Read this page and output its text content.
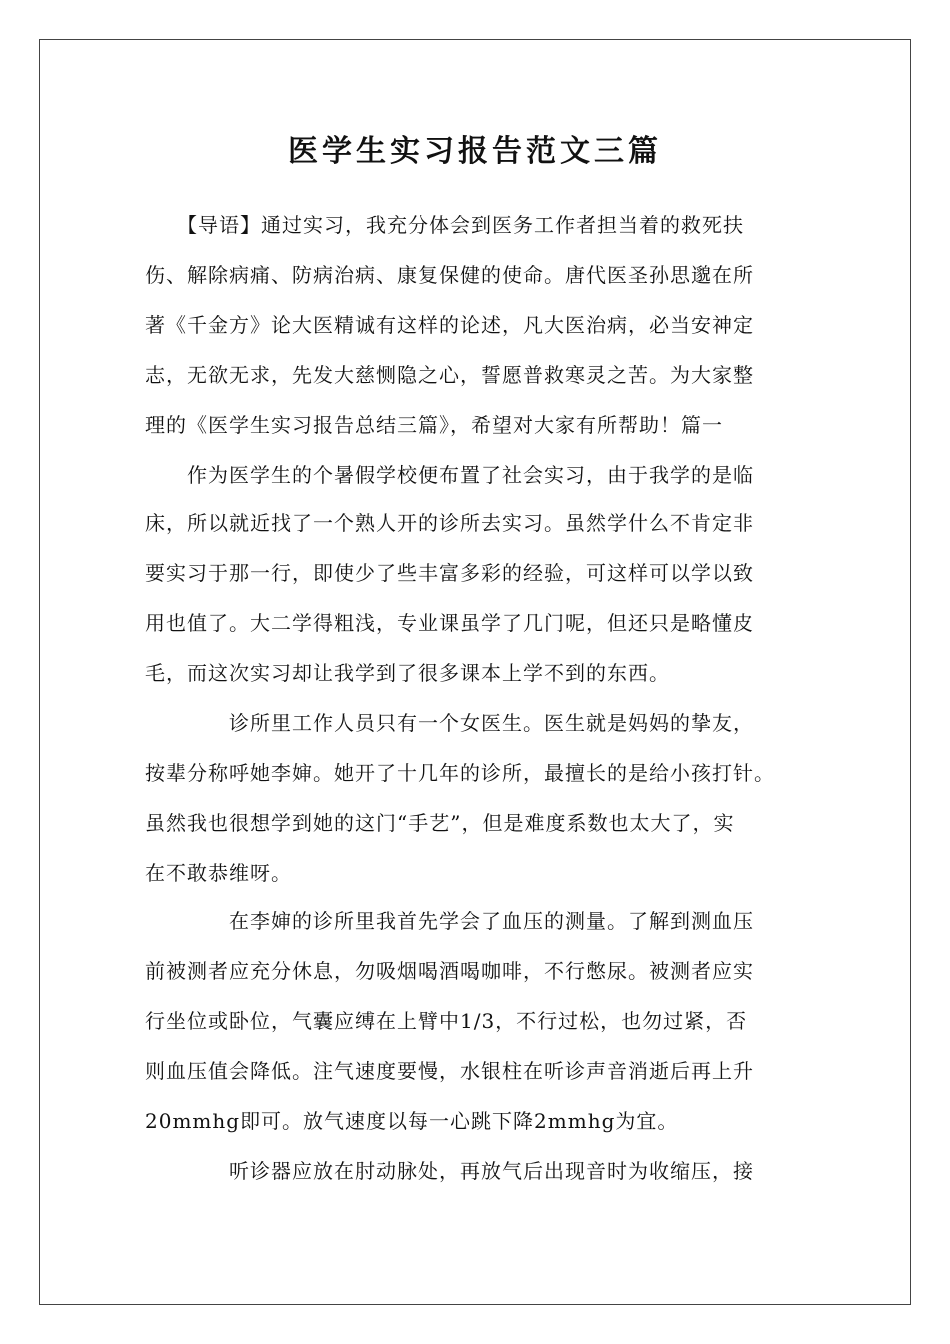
医学生实习报告范文三篇
　　【导语】通过实习，我充分体会到医务工作者担当着的救死扶
伤、解除病痛、防病治病、康复保健的使命。唐代医圣孙思邈在所
著《千金方》论大医精诚有这样的论述，凡大医治病，必当安神定
志，无欲无求，先发大慈恻隐之心，誓愿普救寒灵之苦。为大家整
理的《医学生实习报告总结三篇》，希望对大家有所帮助！篇一
　　作为医学生的个暑假学校便布置了社会实习，由于我学的是临
床，所以就近找了一个熟人开的诊所去实习。虽然学什么不肯定非
要实习于那一行，即使少了些丰富多彩的经验，可这样可以学以致
用也值了。大二学得粗浅，专业课虽学了几门呢，但还只是略懂皮
毛，而这次实习却让我学到了很多课本上学不到的东西。
　　　　诊所里工作人员只有一个女医生。医生就是妈妈的挚友，
按辈分称呼她李婶。她开了十几年的诊所，最擅长的是给小孩打针。
虽然我也很想学到她的这门“手艺”，但是难度系数也太大了，实
在不敢恭维呀。
　　　　在李婶的诊所里我首先学会了血压的测量。了解到测血压
前被测者应充分休息，勿吸烟喝酒喝咖啡，不行憋尿。被测者应实
行坐位或卧位，气囊应缚在上臂中1/3，不行过松，也勿过紧，否
则血压值会降低。注气速度要慢，水银柱在听诊声音消逝后再上升
20mmhg即可。放气速度以每一心跳下降2mmhg为宜。
　　　　听诊器应放在肘动脉处，再放气后出现音时为收缩压，接
